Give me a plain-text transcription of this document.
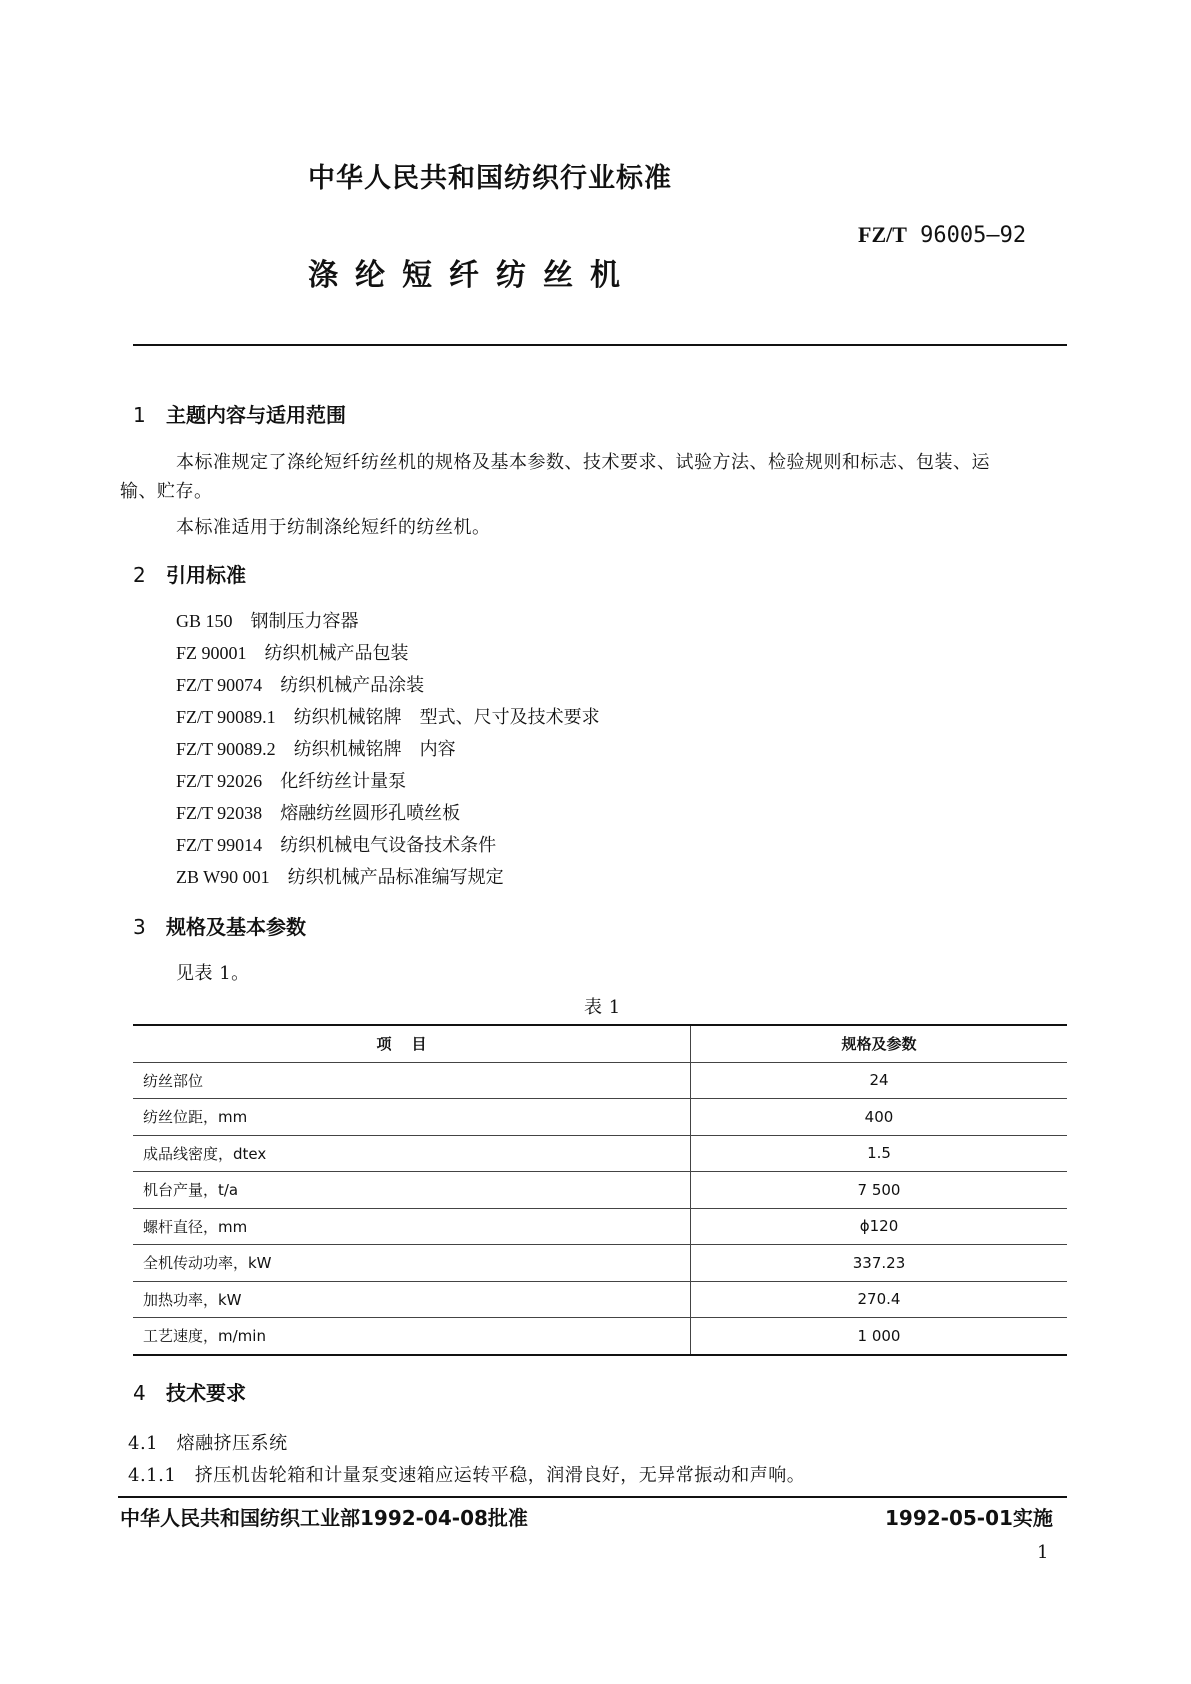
中华人民共和国纺织行业标准
FZ/T 96005—92
涤纶短纤纺丝机
1 主题内容与适用范围
本标准规定了涤纶短纤纺丝机的规格及基本参数、技术要求、试验方法、检验规则和标志、包装、运
输、贮存。
本标准适用于纺制涤纶短纤的纺丝机。
2 引用标准
GB 150　 钢制压力容器
FZ 90001　 纺织机械产品包装
FZ/T 90074　 纺织机械产品涂装
FZ/T 90089.1　 纺织机械铭牌　型式、尺寸及技术要求
FZ/T 90089.2　 纺织机械铭牌　内容
FZ/T 92026　 化纤纺丝计量泵
FZ/T 92038　 熔融纺丝圆形孔喷丝板
FZ/T 99014　 纺织机械电气设备技术条件
ZB W90 001　 纺织机械产品标准编写规定
3 规格及基本参数
见表 1。
表 1
项目	规格及参数
纺丝部位	24
纺丝位距，mm	400
成品线密度，dtex	1.5
机台产量，t/a	7 500
螺杆直径，mm	ϕ120
全机传动功率，kW	337.23
加热功率，kW	270.4
工艺速度，m/min	1 000
4 技术要求
4.1　熔融挤压系统
4.1.1　挤压机齿轮箱和计量泵变速箱应运转平稳，润滑良好，无异常振动和声响。
中华人民共和国纺织工业部1992-04-08批准	1992-05-01实施
1
